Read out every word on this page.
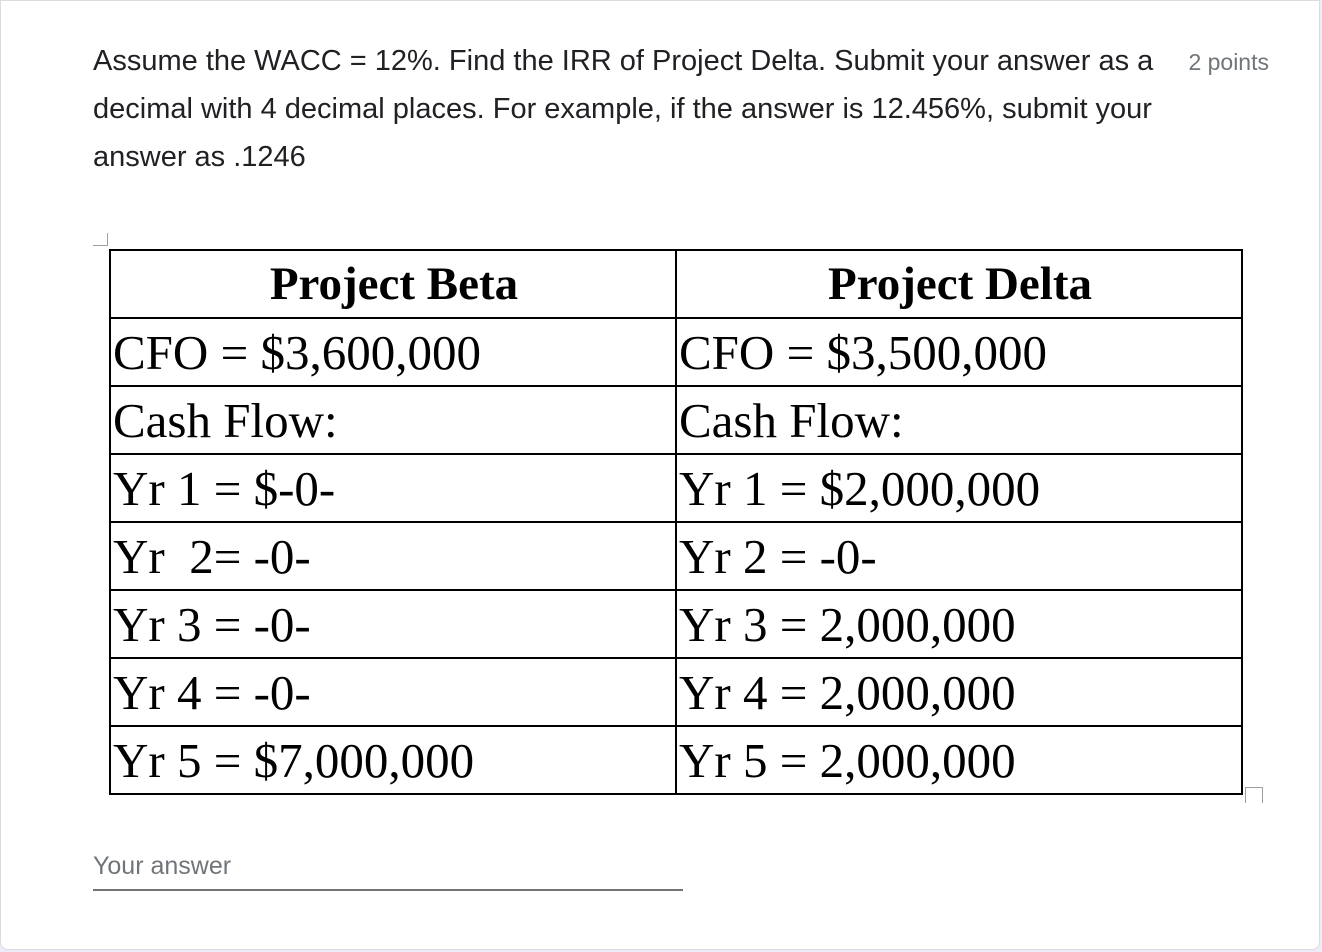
Assume the WACC = 12%. Find the IRR of Project Delta. Submit your answer as a decimal with 4 decimal places. For example, if the answer is 12.456%, submit your answer as .1246

2 points
Project Beta	Project Delta
CFO = $3,600,000	CFO = $3,500,000
Cash Flow:	Cash Flow:
Yr 1 = $-0-	Yr 1 = $2,000,000
Yr  2= -0-	Yr 2 = -0-
Yr 3 = -0-	Yr 3 = 2,000,000
Yr 4 = -0-	Yr 4 = 2,000,000
Yr 5 = $7,000,000	Yr 5 = 2,000,000
Your answer
